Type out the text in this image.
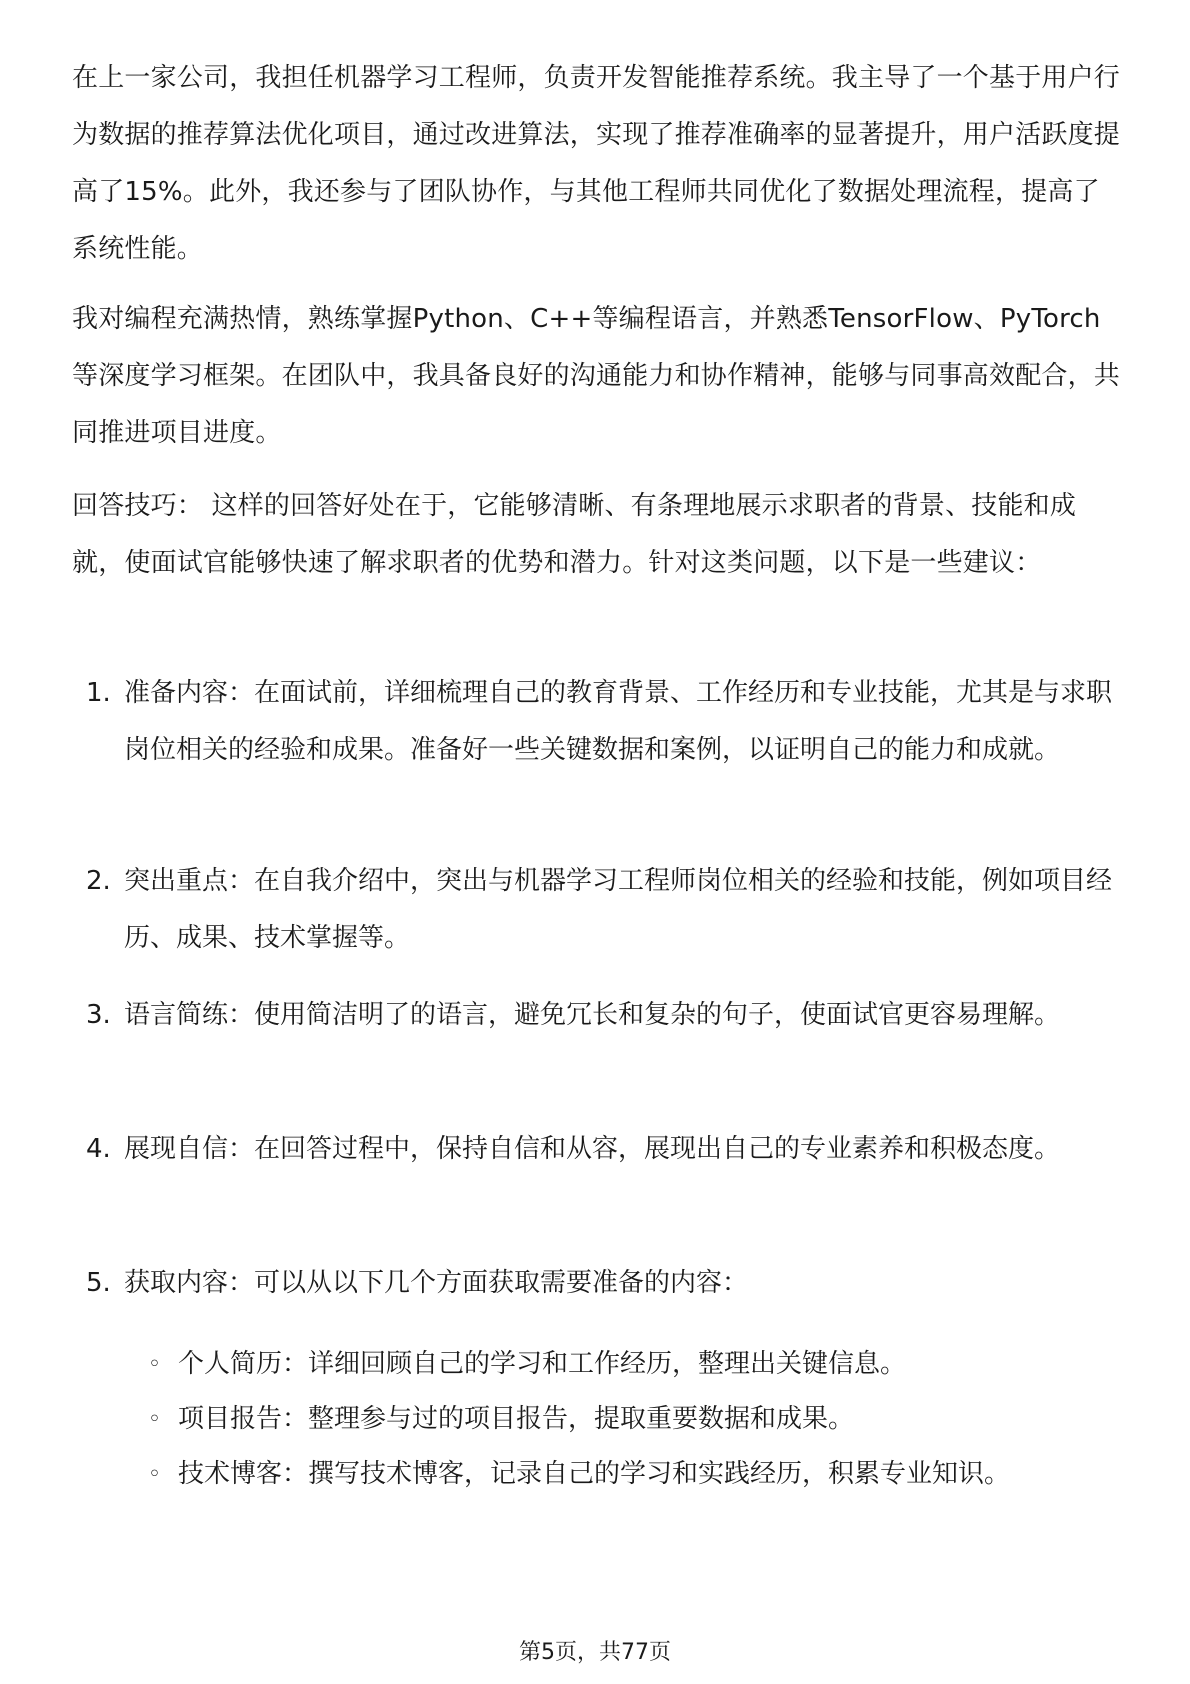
在上一家公司，我担任机器学习工程师，负责开发智能推荐系统。我主导了一个基于用户行为数据的推荐算法优化项目，通过改进算法，实现了推荐准确率的显著提升，用户活跃度提高了15%。此外，我还参与了团队协作，与其他工程师共同优化了数据处理流程，提高了系统性能。

我对编程充满热情，熟练掌握Python、C++等编程语言，并熟悉TensorFlow、PyTorch等深度学习框架。在团队中，我具备良好的沟通能力和协作精神，能够与同事高效配合，共同推进项目进度。

回答技巧： 这样的回答好处在于，它能够清晰、有条理地展示求职者的背景、技能和成就，使面试官能够快速了解求职者的优势和潜力。针对这类问题，以下是一些建议：

1. 准备内容：在面试前，详细梳理自己的教育背景、工作经历和专业技能，尤其是与求职岗位相关的经验和成果。准备好一些关键数据和案例，以证明自己的能力和成就。
2. 突出重点：在自我介绍中，突出与机器学习工程师岗位相关的经验和技能，例如项目经历、成果、技术掌握等。
3. 语言简练：使用简洁明了的语言，避免冗长和复杂的句子，使面试官更容易理解。
4. 展现自信：在回答过程中，保持自信和从容，展现出自己的专业素养和积极态度。
5. 获取内容：可以从以下几个方面获取需要准备的内容：
◦ 个人简历：详细回顾自己的学习和工作经历，整理出关键信息。
◦ 项目报告：整理参与过的项目报告，提取重要数据和成果。
◦ 技术博客：撰写技术博客，记录自己的学习和实践经历，积累专业知识。
第5页，共77页
